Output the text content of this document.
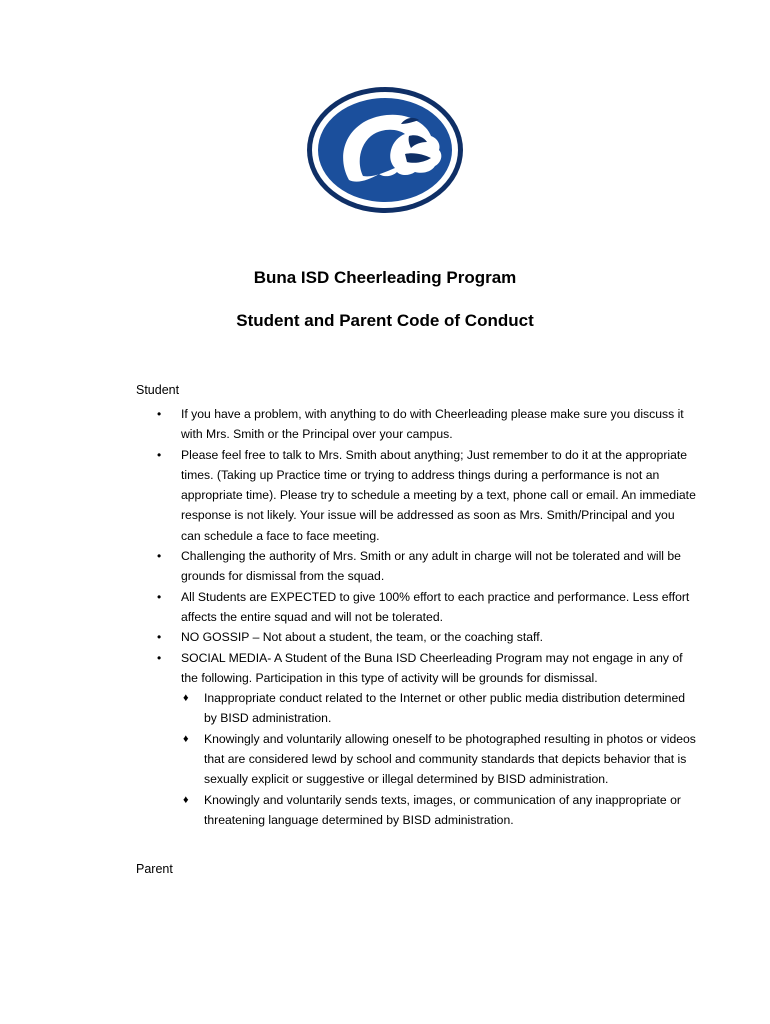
Buna ISD Cheerleading Program
Student and Parent Code of Conduct
Student
• If you have a problem, with anything to do with Cheerleading please make sure you discuss it with Mrs. Smith or the Principal over your campus.
• Please feel free to talk to Mrs. Smith about anything; Just remember to do it at the appropriate times. (Taking up Practice time or trying to address things during a performance is not an appropriate time). Please try to schedule a meeting by a text, phone call or email. An immediate response is not likely. Your issue will be addressed as soon as Mrs. Smith/Principal and you can schedule a face to face meeting.
• Challenging the authority of Mrs. Smith or any adult in charge will not be tolerated and will be grounds for dismissal from the squad.
• All Students are EXPECTED to give 100% effort to each practice and performance. Less effort affects the entire squad and will not be tolerated.
• NO GOSSIP – Not about a student, the team, or the coaching staff.
• SOCIAL MEDIA- A Student of the Buna ISD Cheerleading Program may not engage in any of the following. Participation in this type of activity will be grounds for dismissal.
♦ Inappropriate conduct related to the Internet or other public media distribution determined by BISD administration.
♦ Knowingly and voluntarily allowing oneself to be photographed resulting in photos or videos that are considered lewd by school and community standards that depicts behavior that is sexually explicit or suggestive or illegal determined by BISD administration.
♦ Knowingly and voluntarily sends texts, images, or communication of any inappropriate or threatening language determined by BISD administration.
Parent
